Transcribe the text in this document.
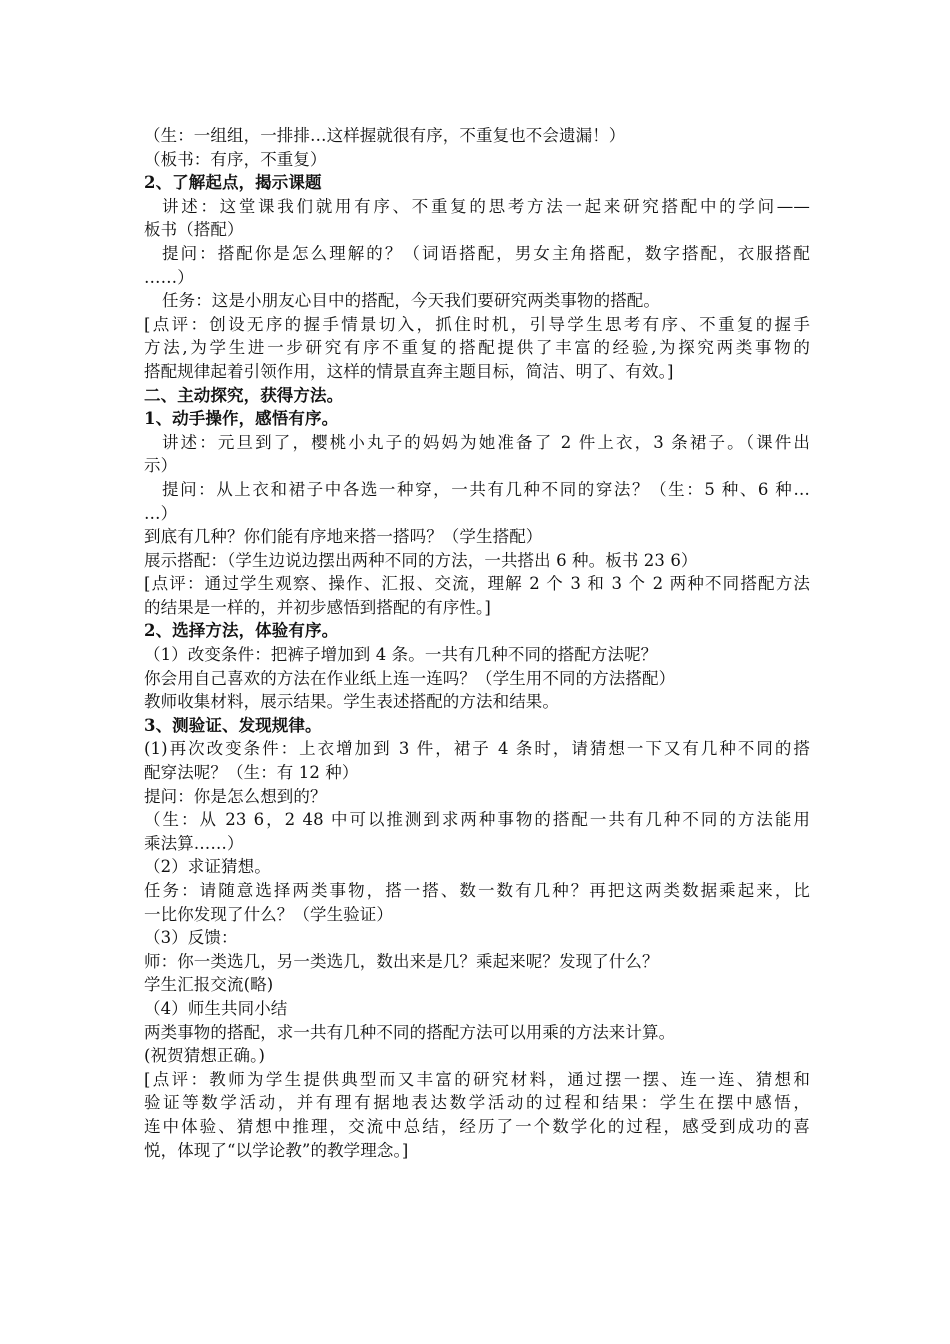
（生：一组组，一排排…这样握就很有序，不重复也不会遗漏！）

（板书：有序，不重复）

2、了解起点，揭示课题

讲述：这堂课我们就用有序、不重复的思考方法一起来研究搭配中的学问——

板书（搭配）

提问：搭配你是怎么理解的？（词语搭配，男女主角搭配，数字搭配，衣服搭配

……）

任务：这是小朋友心目中的搭配，今天我们要研究两类事物的搭配。

[点评：创设无序的握手情景切入，抓住时机，引导学生思考有序、不重复的握手

方法,为学生进一步研究有序不重复的搭配提供了丰富的经验,为探究两类事物的

搭配规律起着引领作用，这样的情景直奔主题目标，简洁、明了、有效。]

二、主动探究，获得方法。

1、动手操作，感悟有序。

讲述：元旦到了，樱桃小丸子的妈妈为她准备了 2 件上衣，3 条裙子。（课件出

示）

提问：从上衣和裙子中各选一种穿，一共有几种不同的穿法？（生：5 种、6 种…

…）

到底有几种？你们能有序地来搭一搭吗？（学生搭配）

展示搭配：（学生边说边摆出两种不同的方法，一共搭出 6 种。板书 23 6）

[点评：通过学生观察、操作、汇报、交流，理解 2 个 3 和 3 个 2 两种不同搭配方法

的结果是一样的，并初步感悟到搭配的有序性。]

2、选择方法，体验有序。

（1）改变条件：把裤子增加到 4 条。一共有几种不同的搭配方法呢？

你会用自己喜欢的方法在作业纸上连一连吗？（学生用不同的方法搭配）

教师收集材料，展示结果。学生表述搭配的方法和结果。

3、测验证、发现规律。

(1)再次改变条件：上衣增加到 3 件，裙子 4 条时，请猜想一下又有几种不同的搭

配穿法呢？（生：有 12 种）

提问：你是怎么想到的？

（生：从 23 6，2 48 中可以推测到求两种事物的搭配一共有几种不同的方法能用

乘法算……）

（2）求证猜想。

任务：请随意选择两类事物，搭一搭、数一数有几种？再把这两类数据乘起来，比

一比你发现了什么？（学生验证）

（3）反馈：

师：你一类选几，另一类选几，数出来是几？乘起来呢？发现了什么？

学生汇报交流(略)

（4）师生共同小结

两类事物的搭配，求一共有几种不同的搭配方法可以用乘的方法来计算。

(祝贺猜想正确。)

[点评：教师为学生提供典型而又丰富的研究材料，通过摆一摆、连一连、猜想和

验证等数学活动，并有理有据地表达数学活动的过程和结果：学生在摆中感悟，

连中体验、猜想中推理，交流中总结，经历了一个数学化的过程，感受到成功的喜

悦，体现了“以学论教”的教学理念。]
